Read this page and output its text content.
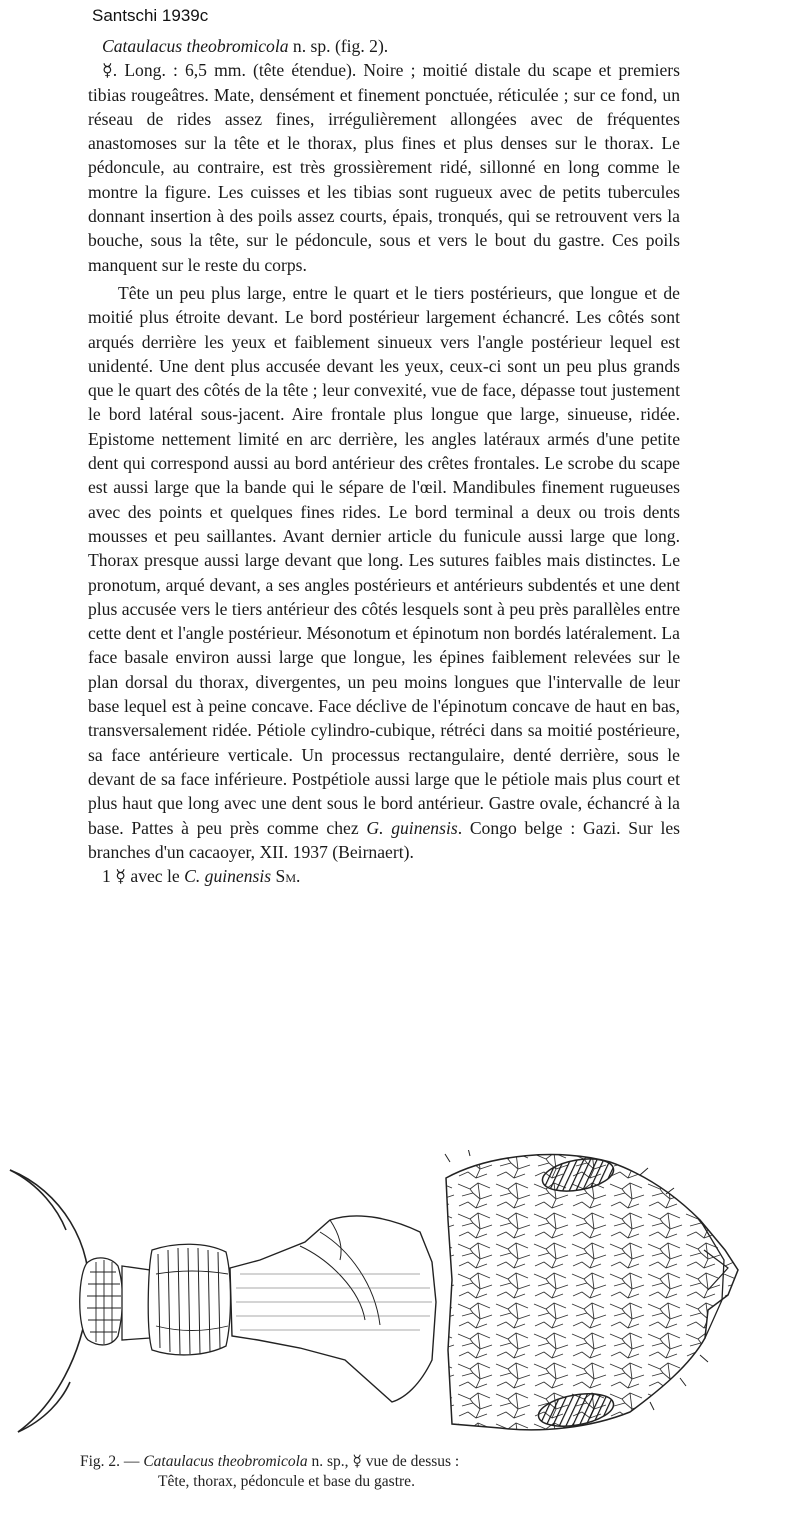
Santschi 1939c

Cataulacus theobromicola n. sp. (fig. 2).

☿. Long. : 6,5 mm. (tête étendue). Noire ; moitié distale du scape et premiers tibias rougeâtres. Mate, densément et finement ponctuée, réticulée ; sur ce fond, un réseau de rides assez fines, irrégulièrement allongées avec de fréquentes anastomoses sur la tête et le thorax, plus fines et plus denses sur le thorax. Le pédoncule, au contraire, est très grossièrement ridé, sillonné en long comme le montre la figure. Les cuisses et les tibias sont rugueux avec de petits tubercules donnant insertion à des poils assez courts, épais, tronqués, qui se retrouvent vers la bouche, sous la tête, sur le pédoncule, sous et vers le bout du gastre. Ces poils manquent sur le reste du corps.

Tête un peu plus large, entre le quart et le tiers postérieurs, que longue et de moitié plus étroite devant. Le bord postérieur largement échancré. Les côtés sont arqués derrière les yeux et faiblement sinueux vers l'angle postérieur lequel est unidenté. Une dent plus accusée devant les yeux, ceux-ci sont un peu plus grands que le quart des côtés de la tête ; leur convexité, vue de face, dépasse tout justement le bord latéral sous-jacent. Aire frontale plus longue que large, sinueuse, ridée. Epistome nettement limité en arc derrière, les angles latéraux armés d'une petite dent qui correspond aussi au bord antérieur des crêtes frontales. Le scrobe du scape est aussi large que la bande qui le sépare de l'œil. Mandibules finement rugueuses avec des points et quelques fines rides. Le bord terminal a deux ou trois dents mousses et peu saillantes. Avant dernier article du funicule aussi large que long. Thorax presque aussi large devant que long. Les sutures faibles mais distinctes. Le pronotum, arqué devant, a ses angles postérieurs et antérieurs subdentés et une dent plus accusée vers le tiers antérieur des côtés lesquels sont à peu près parallèles entre cette dent et l'angle postérieur. Mésonotum et épinotum non bordés latéralement. La face basale environ aussi large que longue, les épines faiblement relevées sur le plan dorsal du thorax, divergentes, un peu moins longues que l'intervalle de leur base lequel est à peine concave. Face déclive de l'épinotum concave de haut en bas, transversalement ridée. Pétiole cylindro-cubique, rétréci dans sa moitié postérieure, sa face antérieure verticale. Un processus rectangulaire, denté derrière, sous le devant de sa face inférieure. Postpétiole aussi large que le pétiole mais plus court et plus haut que long avec une dent sous le bord antérieur. Gastre ovale, échancré à la base. Pattes à peu près comme chez G. guinensis. Congo belge : Gazi. Sur les branches d'un cacaoyer, XII. 1937 (Beirnaert).

1 ☿ avec le C. guinensis Sm.

Fig. 2. — Cataulacus theobromicola n. sp., ☿ vue de dessus :
Tête, thorax, pédoncule et base du gastre.
